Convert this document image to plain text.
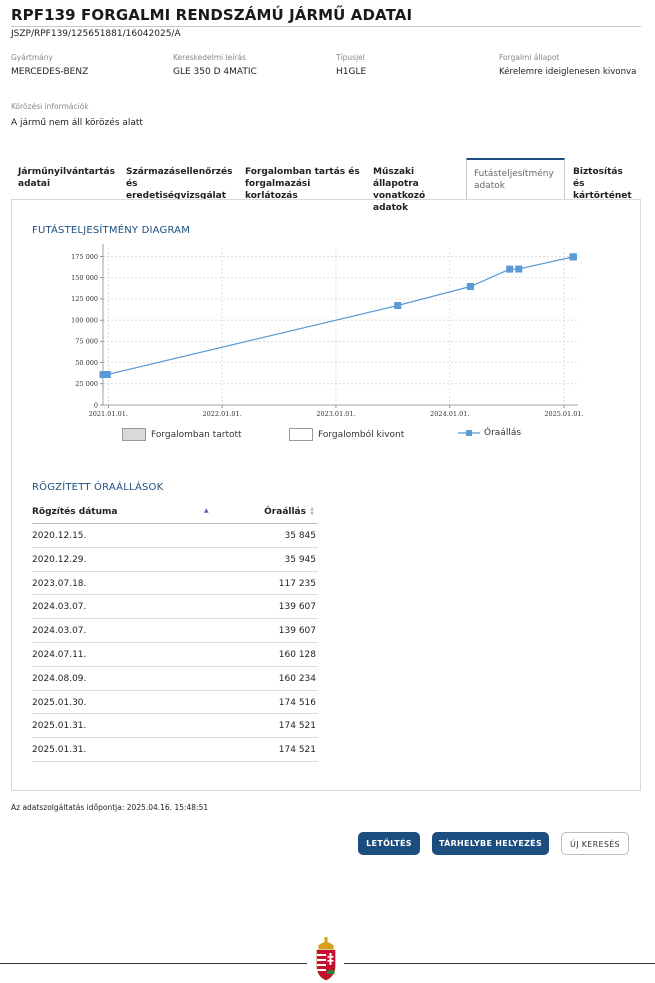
RPF139 FORGALMI RENDSZÁMÚ JÁRMŰ ADATAI
JSZP/RPF139/125651881/16042025/A
Gyártmány
MERCEDES-BENZ
Kereskedelmi leírás
GLE 350 D 4MATIC
Típusjel
H1GLE
Forgalmi állapot
Kérelemre ideiglenesen kivonva
Körözési információk
A jármű nem áll körözés alatt
Járműnyilvántartás
adatai
Származásellenőrzés
és eredetiségvizsgálat
Forgalomban tartás és
forgalmazási korlátozás
Műszaki állapotra
vonatkozó adatok
Futásteljesítmény
adatok
Biztosítás és
kártörténet
FUTÁSTELJESÍTMÉNY DIAGRAM
0
25 000
50 000
75 000
100 000
125 000
150 000
175 000
2021.01.01.	2022.01.01.	2023.01.01.	2024.01.01.	2025.01.01.
Forgalomban tartott	Forgalomból kivont	Óraállás
RÖGZÍTETT ÓRAÁLLÁSOK
Rögzítés dátuma	▲	Óraállás ▲
▼
2020.12.15.	35 845
2020.12.29.	35 945
2023.07.18.	117 235
2024.03.07.	139 607
2024.03.07.	139 607
2024.07.11.	160 128
2024.08.09.	160 234
2025.01.30.	174 516
2025.01.31.	174 521
2025.01.31.	174 521
Az adatszolgáltatás időpontja: 2025.04.16. 15:48:51
LETÖLTÉS	TÁRHELYBE HELYEZÉS	ÚJ KERESÉS
